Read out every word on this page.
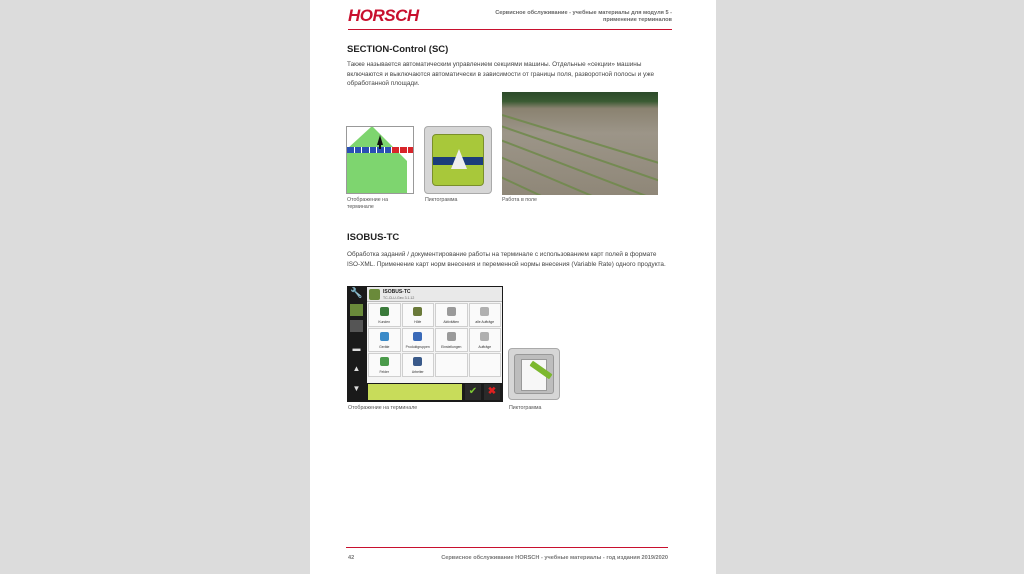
HORSCH	Сервисное обслуживание - учебные материалы для модуля 5 - применение терминалов
SECTION-Control (SC)
Также называется автоматическим управлением секциями машины. Отдельные «секции» машины включаются и выключаются автоматически в зависимости от границы поля, разворотной полосы и уже обработанной площади.
Отображение на терминале
Пиктограмма	Работа в поле
ISOBUS-TC
Обработка заданий / документирование работы на терминале с использованием карт полей в формате ISO-XML. Применение карт норм внесения и переменной нормы внесения (Variable Rate) одного продукта.
🔧
▬
▲
▼
ISOBUS-TC
TC-CLU-Geo 3.1.12
Kunden	Höfe	Aktivitäten	alle Aufträge
Geräte	Produktgruppen	Einstellungen	Aufträge
Felder	Arbeiter
✔	✖
Отображение на терминале	Пиктограмма
42	Сервисное обслуживание HORSCH - учебные материалы - год издания 2019/2020
